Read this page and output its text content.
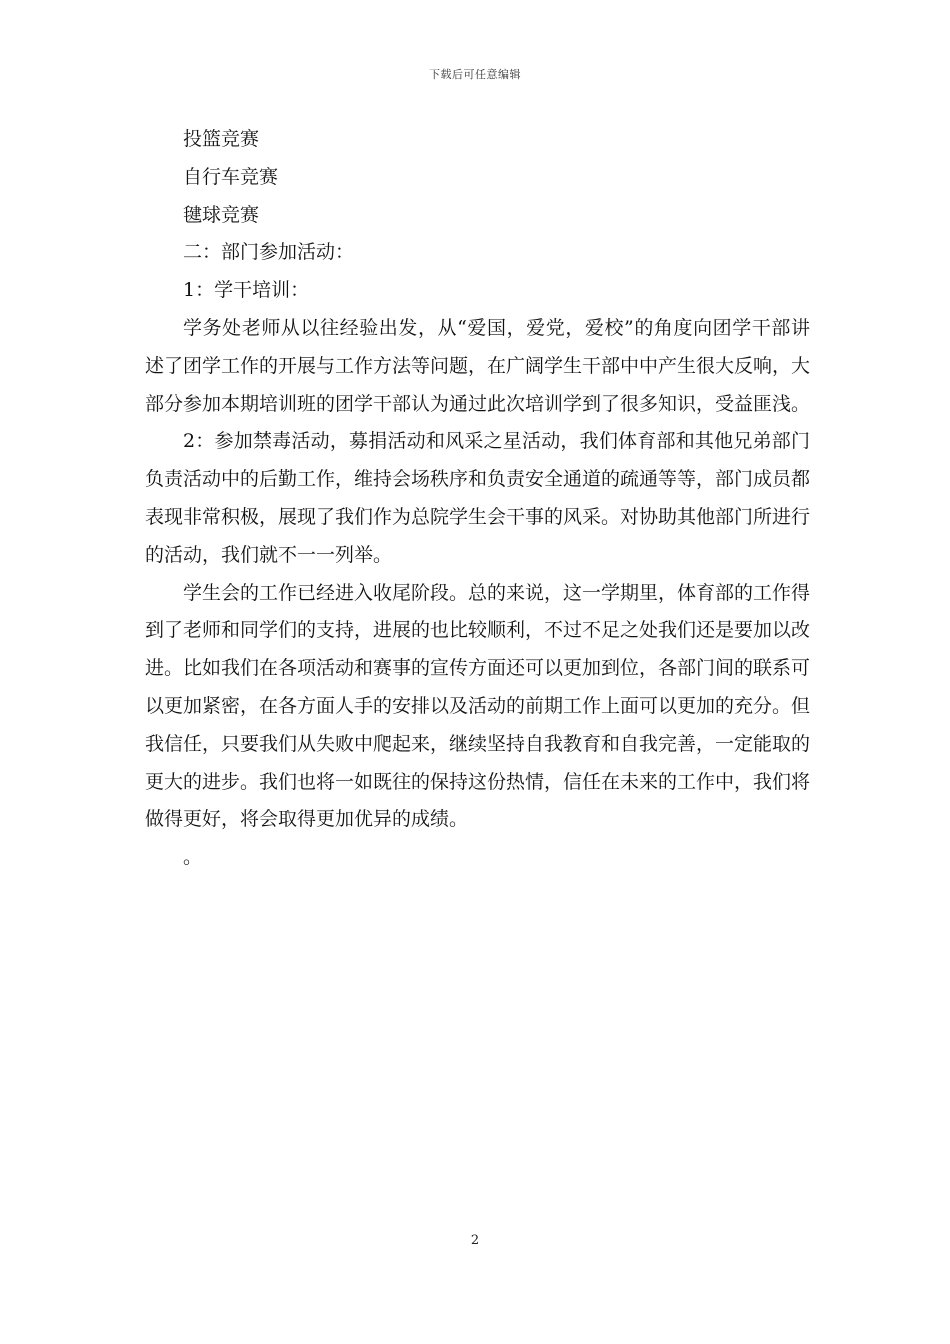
下载后可任意编辑
投篮竞赛
自行车竞赛
毽球竞赛
二：部门参加活动：
1：学干培训：

学务处老师从以往经验出发，从“爱国，爱党，爱校”的角度向团学干部讲述了团学工作的开展与工作方法等问题，在广阔学生干部中中产生很大反响，大部分参加本期培训班的团学干部认为通过此次培训学到了很多知识，受益匪浅。

2：参加禁毒活动，募捐活动和风采之星活动，我们体育部和其他兄弟部门负责活动中的后勤工作，维持会场秩序和负责安全通道的疏通等等，部门成员都表现非常积极，展现了我们作为总院学生会干事的风采。对协助其他部门所进行的活动，我们就不一一列举。

学生会的工作已经进入收尾阶段。总的来说，这一学期里，体育部的工作得到了老师和同学们的支持，进展的也比较顺利，不过不足之处我们还是要加以改进。比如我们在各项活动和赛事的宣传方面还可以更加到位，各部门间的联系可以更加紧密，在各方面人手的安排以及活动的前期工作上面可以更加的充分。但我信任，只要我们从失败中爬起来，继续坚持自我教育和自我完善，一定能取的更大的进步。我们也将一如既往的保持这份热情，信任在未来的工作中，我们将做得更好，将会取得更加优异的成绩。

。
2
